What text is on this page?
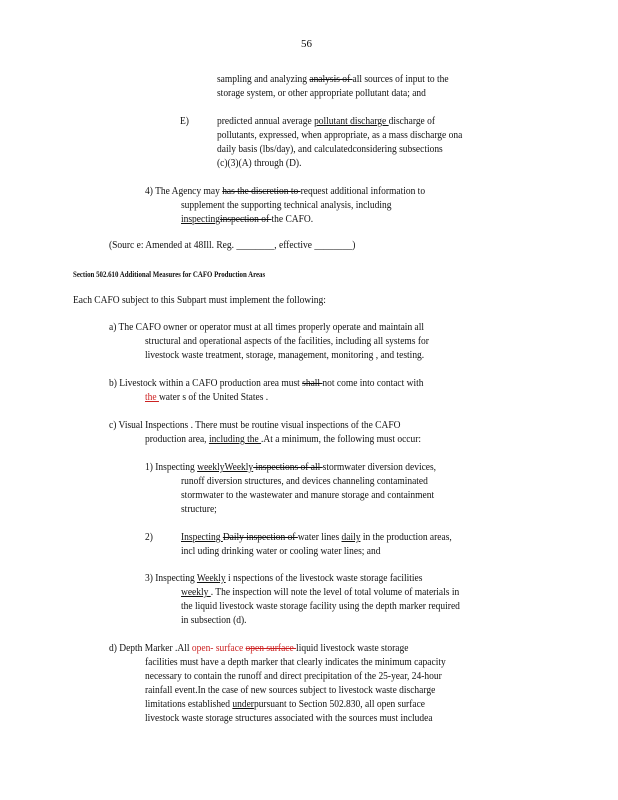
56
sampling and analyzing analysis of all sources of input to the
storage system, or other appropriate pollutant data; and
E)	predicted annual average pollutant discharge discharge of
pollutants, expressed, when appropriate, as a mass discharge ona
daily basis (lbs/day), and calculatedconsidering subsections
(c)(3)(A) through (D).
4) The Agency may has the discretion to request additional information to
supplement the supporting technical analysis, including
inspectinginspection of the CAFO.
(Sourc e: Amended at 48Ill. Reg. ________, effective ________)
Section 502.610 Additional Measures for CAFO Production Areas
Each CAFO subject to this Subpart must implement the following:
a) The CAFO owner or operator must at all times properly operate and maintain all
structural and operational aspects of the facilities, including all systems for
livestock waste treatment, storage, management, monitoring , and testing.
b) Livestock within a CAFO production area must shall not come into contact with
the water s of the United States .
c) Visual Inspections . There must be routine visual inspections of the CAFO
production area, including the .At a minimum, the following must occur:
1) Inspecting weeklyWeekly inspections of all stormwater diversion devices,
runoff diversion structures, and devices channeling contaminated
stormwater to the wastewater and manure storage and containment
structure;
2)	Inspecting Daily inspection of water lines daily in the production areas,
incl uding drinking water or cooling water lines; and
3) Inspecting Weekly i nspections of the livestock waste storage facilities
weekly . The inspection will note the level of total volume of materials in
the liquid livestock waste storage facility using the depth marker required
in subsection (d).
d) Depth Marker .All open- surface open surface liquid livestock waste storage
facilities must have a depth marker that clearly indicates the minimum capacity
necessary to contain the runoff and direct precipitation of the 25-year, 24-hour
rainfall event.In the case of new sources subject to livestock waste discharge
limitations established underpursuant to Section 502.830, all open surface
livestock waste storage structures associated with the sources must includea
